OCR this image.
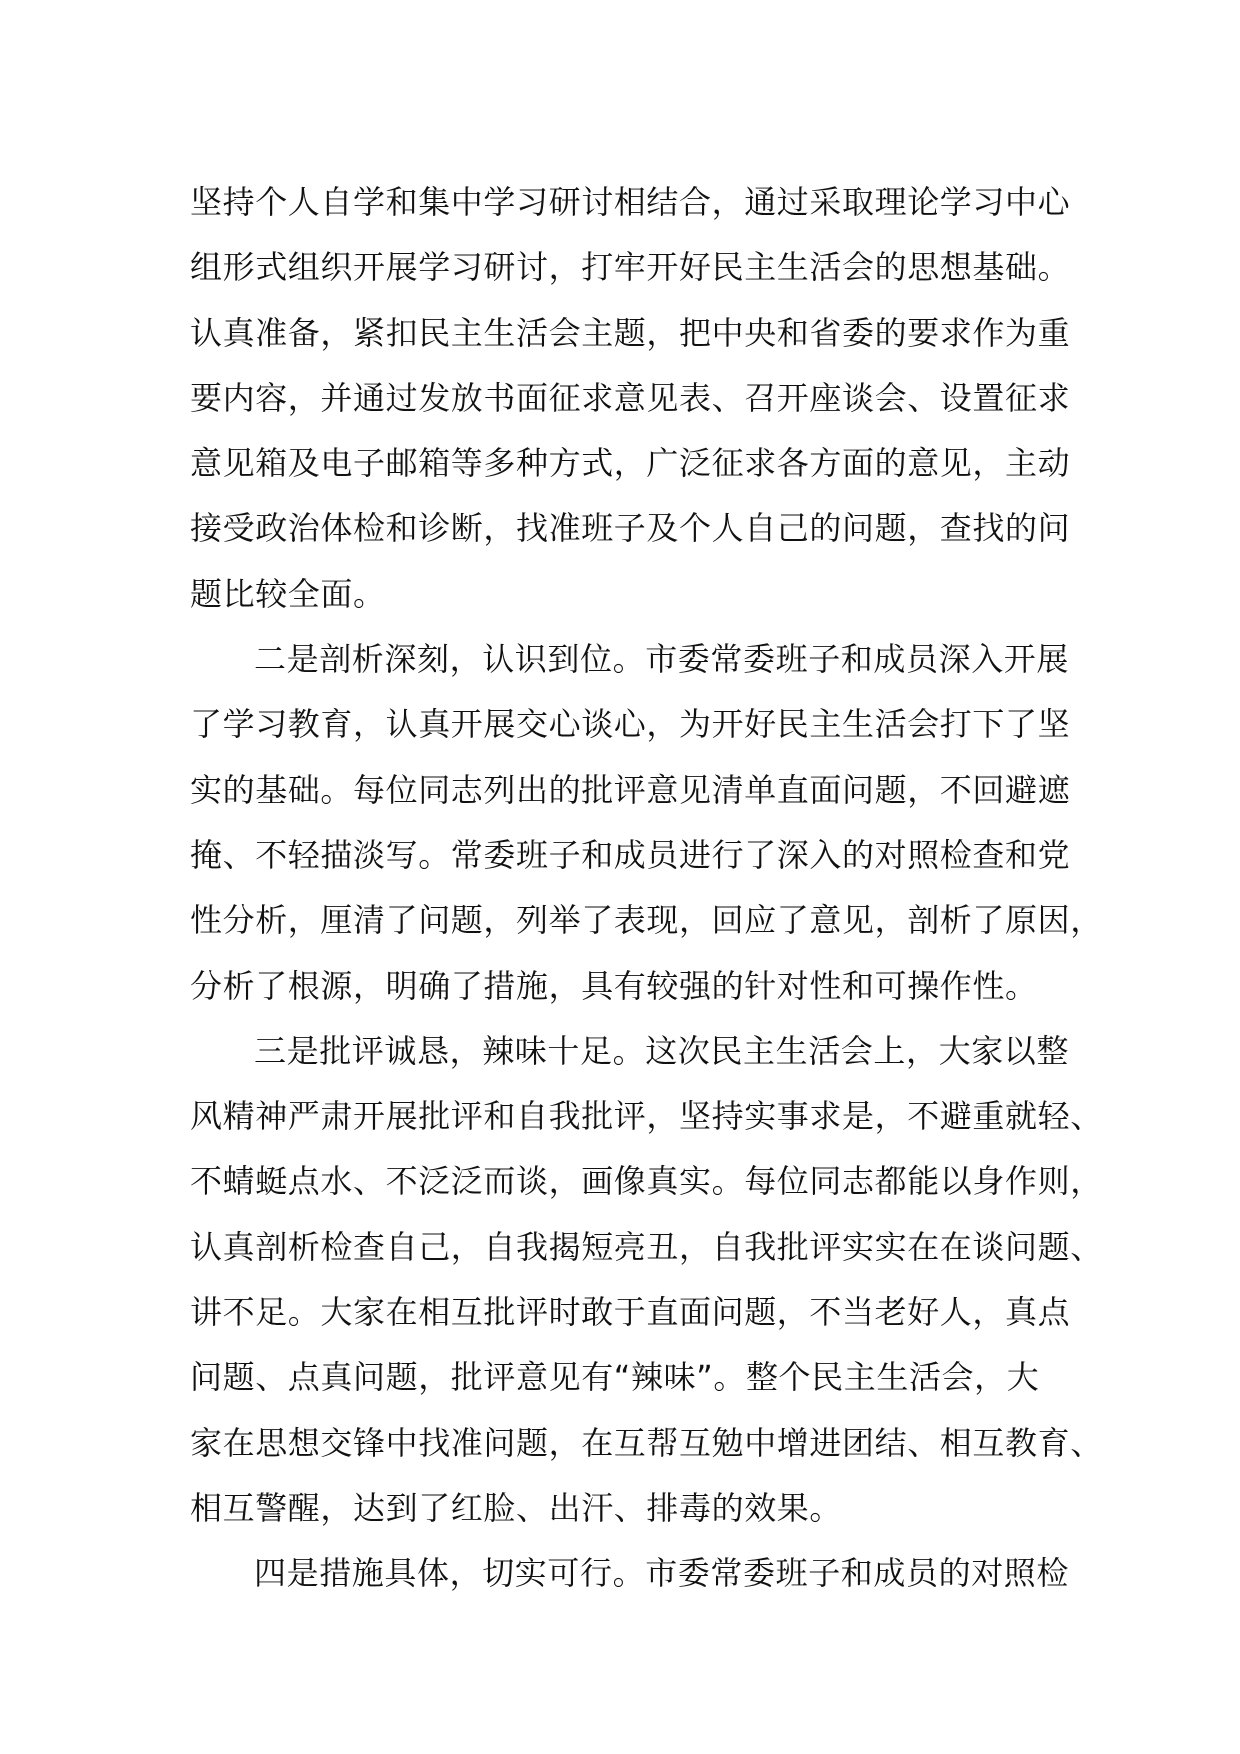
坚持个人自学和集中学习研讨相结合，通过采取理论学习中心
组形式组织开展学习研讨，打牢开好民主生活会的思想基础。
认真准备，紧扣民主生活会主题，把中央和省委的要求作为重
要内容，并通过发放书面征求意见表、召开座谈会、设置征求
意见箱及电子邮箱等多种方式，广泛征求各方面的意见，主动
接受政治体检和诊断，找准班子及个人自己的问题，查找的问
题比较全面。
二是剖析深刻，认识到位。市委常委班子和成员深入开展
了学习教育，认真开展交心谈心，为开好民主生活会打下了坚
实的基础。每位同志列出的批评意见清单直面问题，不回避遮
掩、不轻描淡写。常委班子和成员进行了深入的对照检查和党
性分析，厘清了问题，列举了表现，回应了意见，剖析了原因，
分析了根源，明确了措施，具有较强的针对性和可操作性。
三是批评诚恳，辣味十足。这次民主生活会上，大家以整
风精神严肃开展批评和自我批评，坚持实事求是，不避重就轻、
不蜻蜓点水、不泛泛而谈，画像真实。每位同志都能以身作则，
认真剖析检查自己，自我揭短亮丑，自我批评实实在在谈问题、
讲不足。大家在相互批评时敢于直面问题，不当老好人，真点
问题、点真问题，批评意见有“辣味”。整个民主生活会，大
家在思想交锋中找准问题，在互帮互勉中增进团结、相互教育、
相互警醒，达到了红脸、出汗、排毒的效果。
四是措施具体，切实可行。市委常委班子和成员的对照检
